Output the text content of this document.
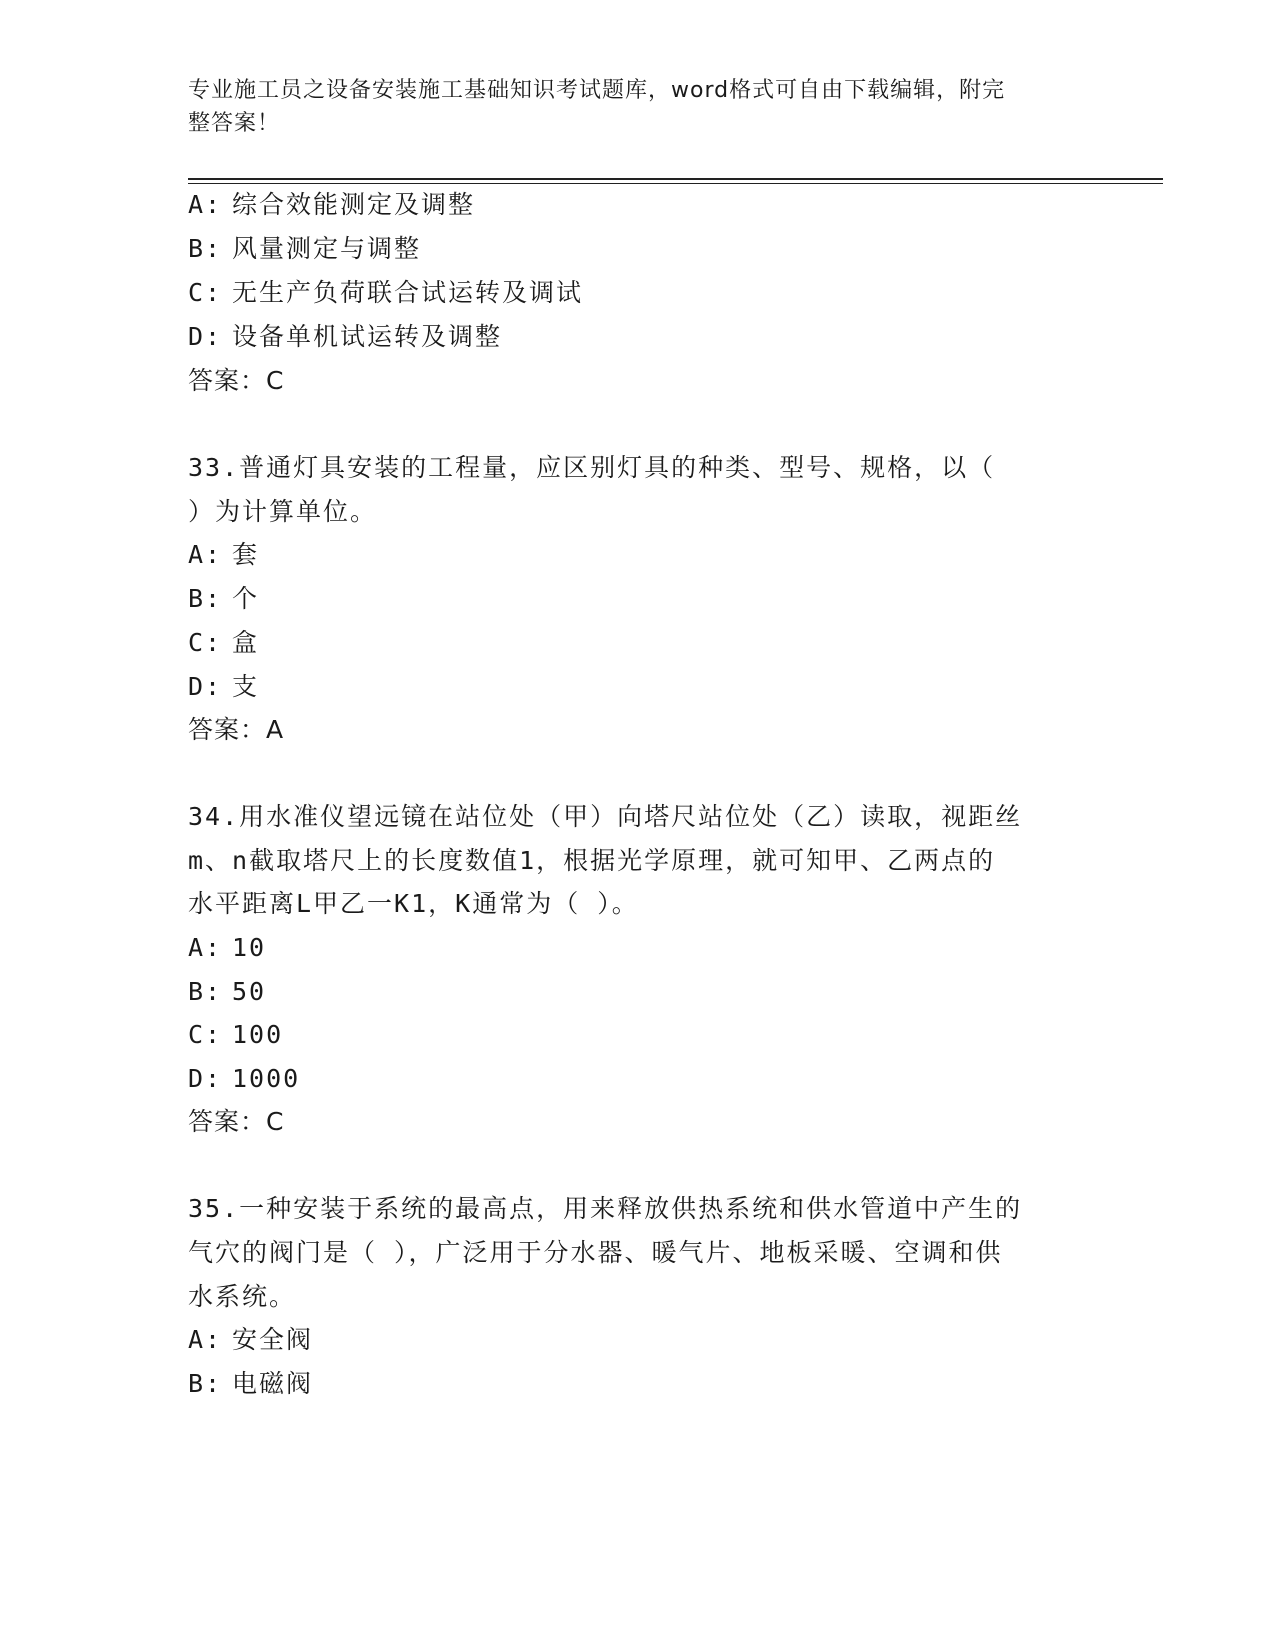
专业施工员之设备安装施工基础知识考试题库，word格式可自由下载编辑，附完
整答案！
A: 综合效能测定及调整
B: 风量测定与调整
C: 无生产负荷联合试运转及调试
D: 设备单机试运转及调整
答案：C
33.普通灯具安装的工程量，应区别灯具的种类、型号、规格，以（
）为计算单位。
A: 套
B: 个
C: 盒
D: 支
答案：A
34.用水准仪望远镜在站位处（甲）向塔尺站位处（乙）读取，视距丝
m、n截取塔尺上的长度数值1，根据光学原理，就可知甲、乙两点的
水平距离L甲乙一K1，K通常为（ ）。
A: 10
B: 50
C: 100
D: 1000
答案：C
35.一种安装于系统的最高点，用来释放供热系统和供水管道中产生的
气穴的阀门是（ ），广泛用于分水器、暖气片、地板采暖、空调和供
水系统。
A: 安全阀
B: 电磁阀
